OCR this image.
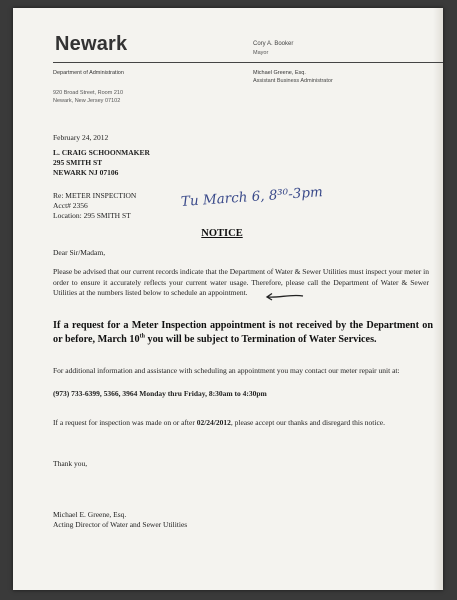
Newark	Cory A. Booker
Mayor
Department of Administration	Michael Greene, Esq.
Assistant Business Administrator
920 Broad Street, Room 210
Newark, New Jersey 07102
February 24, 2012
L. CRAIG SCHOONMAKER
295 SMITH ST
NEWARK NJ 07106
Re: METER INSPECTION
Acct# 2356
Location: 295 SMITH ST
Tu March 6, 8³⁰-3pm
NOTICE
Dear Sir/Madam,
Please be advised that our current records indicate that the Department of Water & Sewer Utilities must inspect your meter in order to ensure it accurately reflects your current water usage. Therefore, please call the Department of Water & Sewer Utilities at the numbers listed below to schedule an appointment.
If a request for a Meter Inspection appointment is not received by the Department on or before, March 10th you will be subject to Termination of Water Services.
For additional information and assistance with scheduling an appointment you may contact our meter repair unit at:
(973) 733-6399, 5366, 3964 Monday thru Friday, 8:30am to 4:30pm
If a request for inspection was made on or after 02/24/2012, please accept our thanks and disregard this notice.
Thank you,
Michael E. Greene, Esq.
Acting Director of Water and Sewer Utilities
